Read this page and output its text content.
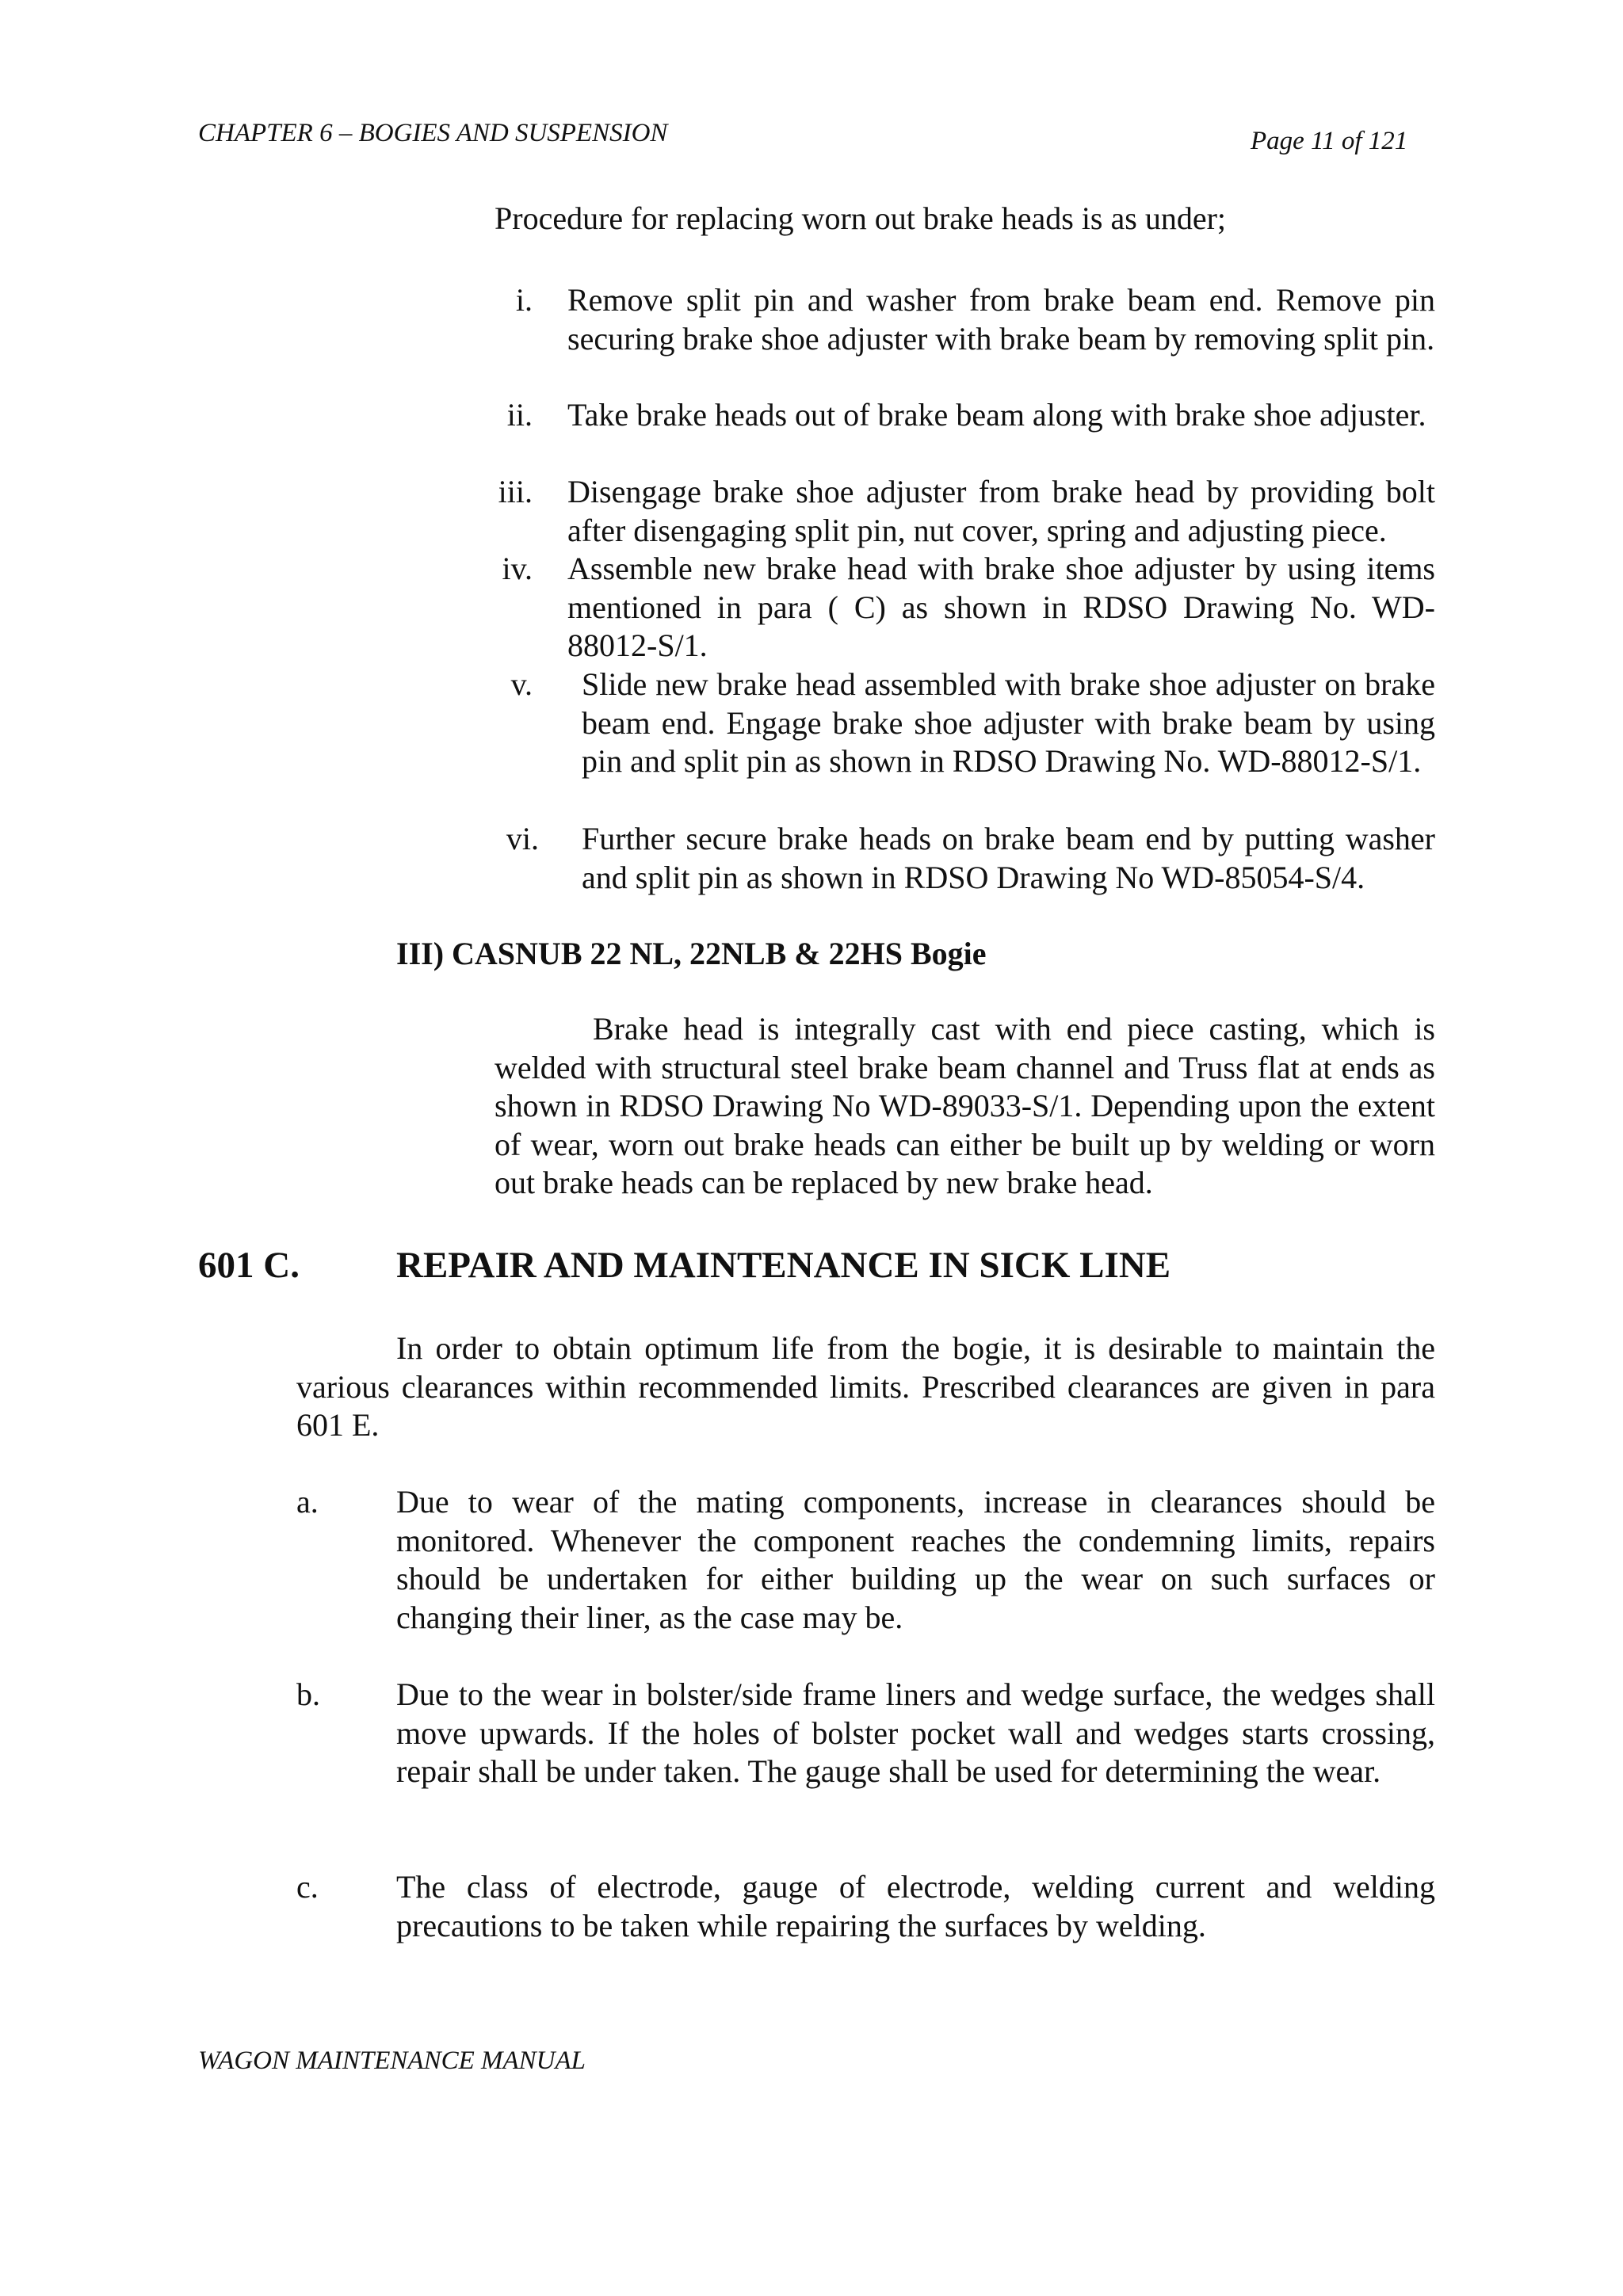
CHAPTER 6 – BOGIES AND SUSPENSION	Page 11 of 121
Procedure for replacing worn out brake heads is as under;
i. Remove split pin and washer from brake beam end. Remove pin securing brake shoe adjuster with brake beam by removing split pin.
ii. Take brake heads out of brake beam along with brake shoe adjuster.
iii. Disengage brake shoe adjuster from brake head by providing bolt after disengaging split pin, nut cover, spring and adjusting piece.
iv. Assemble new brake head with brake shoe adjuster by using items mentioned in para ( C) as shown in RDSO Drawing No. WD-88012-S/1.
v. Slide new brake head assembled with brake shoe adjuster on brake beam end. Engage brake shoe adjuster with brake beam by using pin and split pin as shown in RDSO Drawing No. WD-88012-S/1.
vi. Further secure brake heads on brake beam end by putting washer and split pin as shown in RDSO Drawing No WD-85054-S/4.
III) CASNUB 22 NL, 22NLB & 22HS Bogie
Brake head is integrally cast with end piece casting, which is welded with structural steel brake beam channel and Truss flat at ends as shown in RDSO Drawing No WD-89033-S/1. Depending upon the extent of wear, worn out brake heads can either be built up by welding or worn out brake heads can be replaced by new brake head.
601 C.	REPAIR AND MAINTENANCE IN SICK LINE
In order to obtain optimum life from the bogie, it is desirable to maintain the various clearances within recommended limits. Prescribed clearances are given in para 601 E.
a. Due to wear of the mating components, increase in clearances should be monitored. Whenever the component reaches the condemning limits, repairs should be undertaken for either building up the wear on such surfaces or changing their liner, as the case may be.
b. Due to the wear in bolster/side frame liners and wedge surface, the wedges shall move upwards. If the holes of bolster pocket wall and wedges starts crossing, repair shall be under taken. The gauge shall be used for determining the wear.
c. The class of electrode, gauge of electrode, welding current and welding precautions to be taken while repairing the surfaces by welding.
WAGON MAINTENANCE MANUAL
